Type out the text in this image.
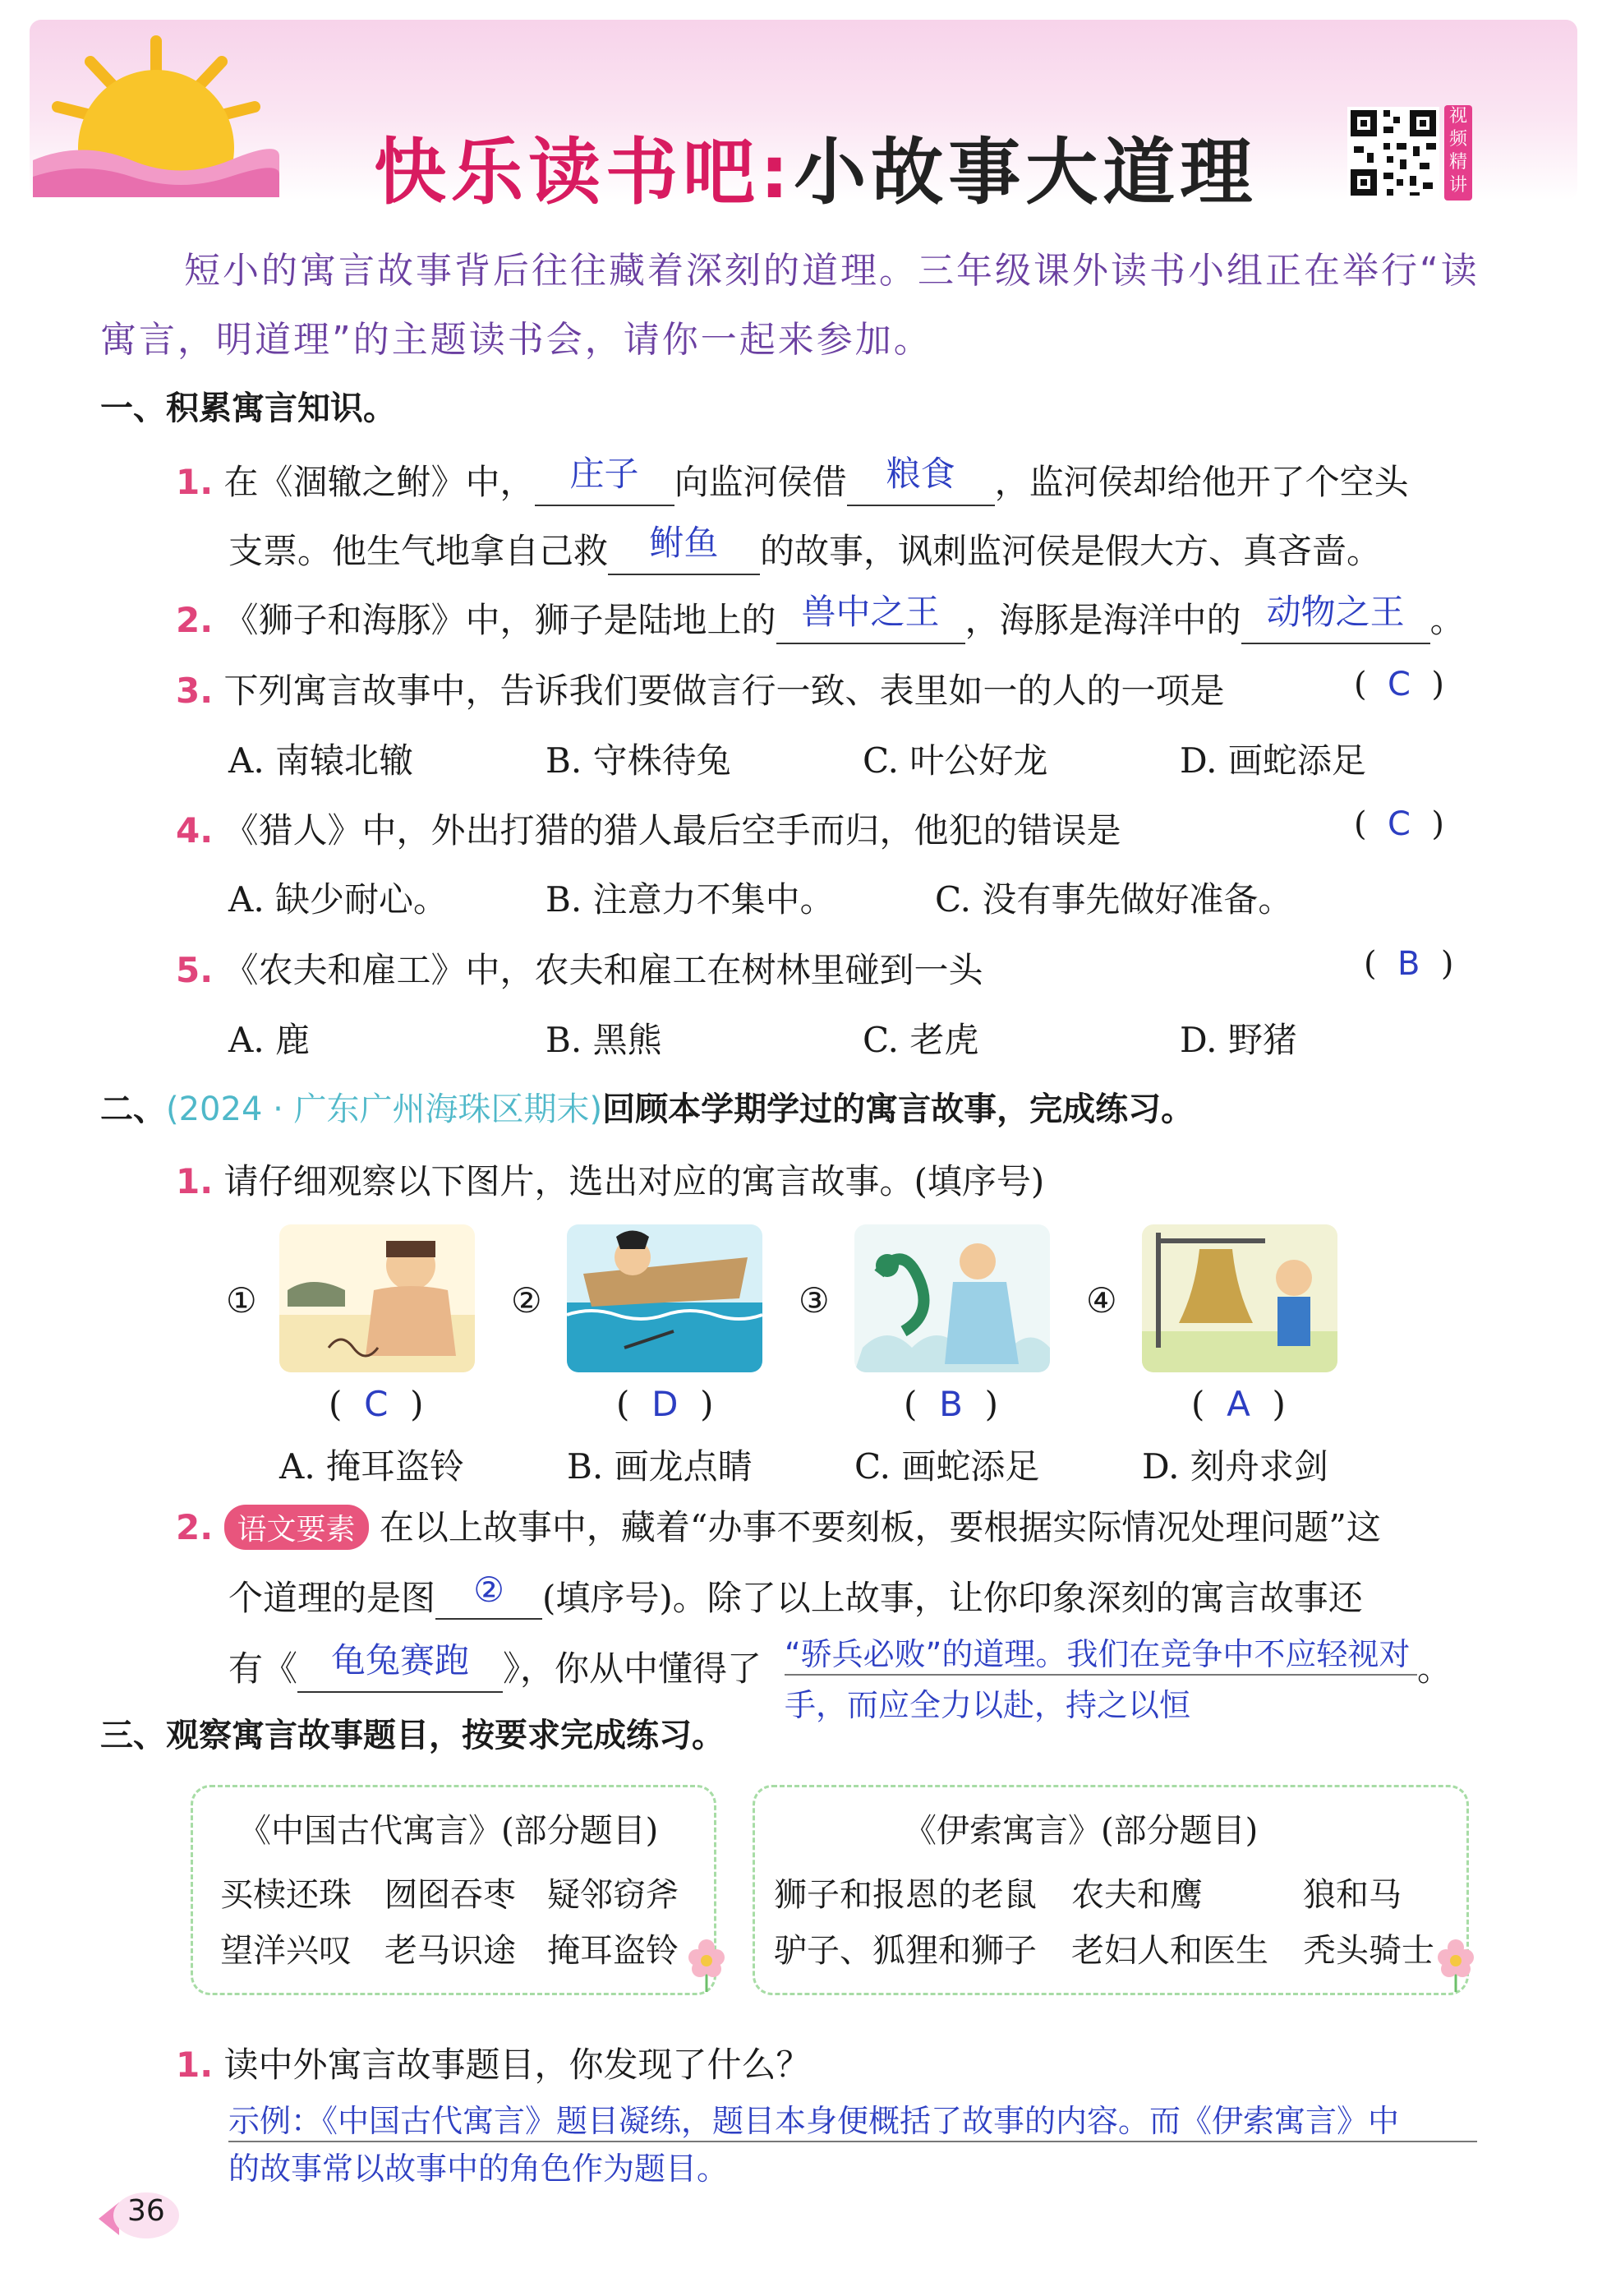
快乐读书吧:小故事大道理
视频精讲
短小的寓言故事背后往往藏着深刻的道理。三年级课外读书小组正在举行“读寓言，明道理”的主题读书会，请你一起来参加。
一、积累寓言知识。
1. 在《涸辙之鲋》中， 庄子 向监河侯借 粮食 ，监河侯却给他开了个空头
支票。他生气地拿自己救 鲋鱼 的故事，讽刺监河侯是假大方、真吝啬。
2. 《狮子和海豚》中，狮子是陆地上的 兽中之王 ，海豚是海洋中的 动物之王 。
3. 下列寓言故事中，告诉我们要做言行一致、表里如一的人的一项是	(  C  )
A. 南辕北辙	B. 守株待兔	C. 叶公好龙	D. 画蛇添足
4. 《猎人》中，外出打猎的猎人最后空手而归，他犯的错误是	(  C  )
A. 缺少耐心。	B. 注意力不集中。	C. 没有事先做好准备。
5. 《农夫和雇工》中，农夫和雇工在树林里碰到一头	(  B  )
A. 鹿	B. 黑熊	C. 老虎	D. 野猪
二、(2024 · 广东广州海珠区期末)回顾本学期学过的寓言故事，完成练习。
1. 请仔细观察以下图片，选出对应的寓言故事。(填序号)
①	②	③	④
(  C  )	(  D  )	(  B  )	(  A  )
A. 掩耳盗铃	B. 画龙点睛	C. 画蛇添足	D. 刻舟求剑
2. 语文要素 在以上故事中，藏着“办事不要刻板，要根据实际情况处理问题”这
个道理的是图 ② (填序号)。除了以上故事，让你印象深刻的寓言故事还
有《 龟兔赛跑 》，你从中懂得了 “骄兵必败”的道理。我们在竞争中不应轻视对 。
手，而应全力以赴，持之以恒
三、观察寓言故事题目，按要求完成练习。
《中国古代寓言》(部分题目)
买椟还珠 囫囵吞枣 疑邻窃斧
望洋兴叹 老马识途 掩耳盗铃
《伊索寓言》(部分题目)
狮子和报恩的老鼠 农夫和鹰	狼和马
驴子、狐狸和狮子 老妇人和医生 秃头骑士
1. 读中外寓言故事题目，你发现了什么？
示例：《中国古代寓言》题目凝练，题目本身便概括了故事的内容。而《伊索寓言》中
的故事常以故事中的角色作为题目。
36
